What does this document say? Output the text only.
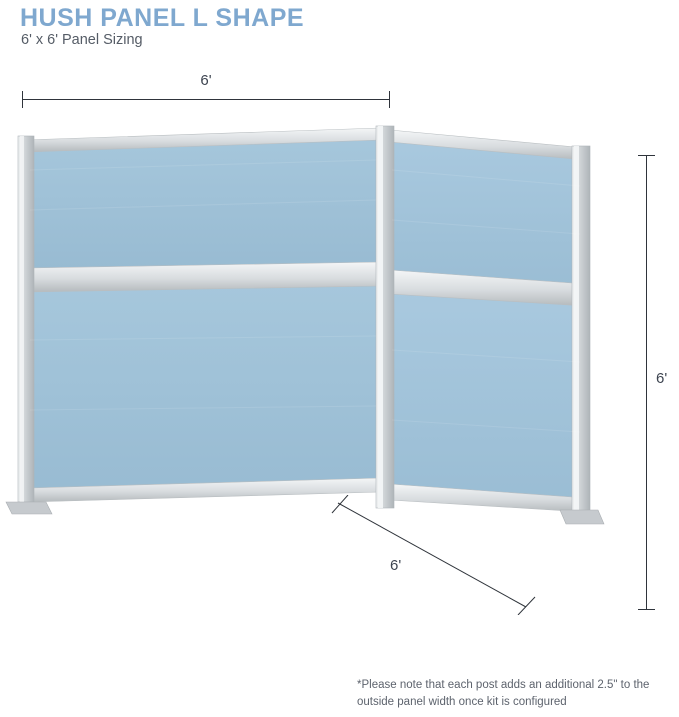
HUSH PANEL L SHAPE
6' x 6' Panel Sizing
6'
6'
6'
*Please note that each post adds an additional 2.5" to the outside panel width once kit is configured
